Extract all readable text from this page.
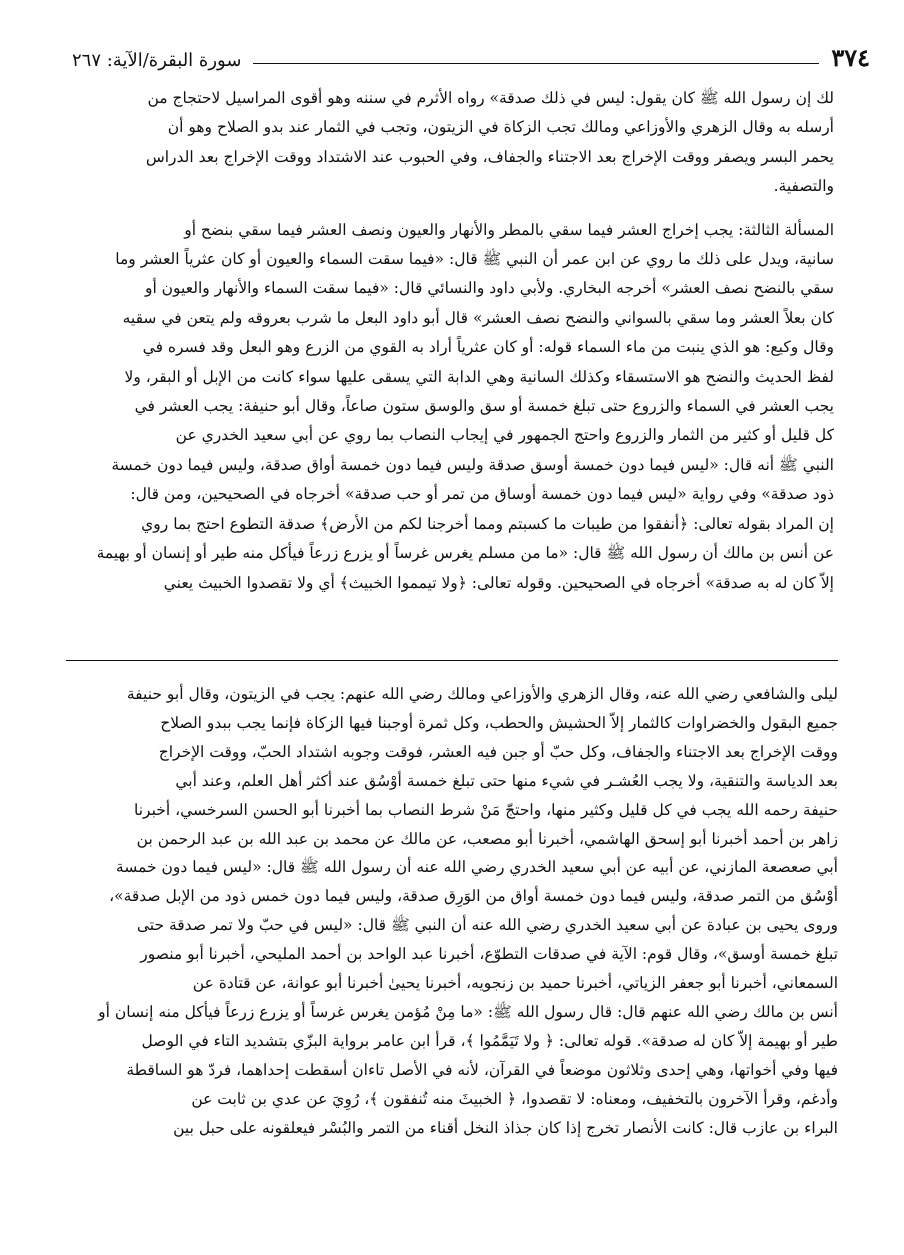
٣٧٤
سورة البقرة/الآية: ٢٦٧

لك إن رسول الله ﷺ كان يقول: ليس في ذلك صدقة» رواه الأثرم في سننه وهو أقوى المراسيل لاحتجاج من
أرسله به وقال الزهري والأوزاعي ومالك تجب الزكاة في الزيتون، وتجب في الثمار عند بدو الصلاح وهو أن
يحمر البسر ويصفر ووقت الإخراج بعد الاجتناء والجفاف، وفي الحبوب عند الاشتداد ووقت الإخراج بعد الدراس
والتصفية.

المسألة الثالثة: يجب إخراج العشر فيما سقي بالمطر والأنهار والعيون ونصف العشر فيما سقي بنضح أو
سانية، ويدل على ذلك ما روي عن ابن عمر أن النبي ﷺ قال: «فيما سقت السماء والعيون أو كان عثرياً العشر وما
سقي بالنضح نصف العشر» أخرجه البخاري. ولأبي داود والنسائي قال: «فيما سقت السماء والأنهار والعيون أو
كان بعلاً العشر وما سقي بالسواني والنضح نصف العشر» قال أبو داود البعل ما شرب بعروقه ولم يتعن في سقيه
وقال وكيع: هو الذي ينبت من ماء السماء قوله: أو كان عثرياً أراد به القوي من الزرع وهو البعل وقد فسره في
لفظ الحديث والنضح هو الاستسقاء وكذلك السانية وهي الدابة التي يسقى عليها سواء كانت من الإبل أو البقر، ولا
يجب العشر في السماء والزروع حتى تبلغ خمسة أو سق والوسق ستون صاعاً، وقال أبو حنيفة: يجب العشر في
كل قليل أو كثير من الثمار والزروع واحتج الجمهور في إيجاب النصاب بما روي عن أبي سعيد الخدري عن
النبي ﷺ أنه قال: «ليس فيما دون خمسة أوسق صدقة وليس فيما دون خمسة أواق صدقة، وليس فيما دون خمسة
ذود صدقة» وفي رواية «ليس فيما دون خمسة أوساق من تمر أو حب صدقة» أخرجاه في الصحيحين، ومن قال:
إن المراد بقوله تعالى: ﴿أنفقوا من طيبات ما كسبتم ومما أخرجنا لكم من الأرض﴾ صدقة التطوع احتج بما روي
عن أنس بن مالك أن رسول الله ﷺ قال: «ما من مسلم يغرس غرساً أو يزرع زرعاً فيأكل منه طير أو إنسان أو بهيمة
إلاّ كان له به صدقة» أخرجاه في الصحيحين. وقوله تعالى: ﴿ولا تيمموا الخبيث﴾ أي ولا تقصدوا الخبيث يعني

ليلى والشافعي رضي الله عنه، وقال الزهري والأوزاعي ومالك رضي الله عنهم: يجب في الزيتون، وقال أبو حنيفة
جميع البقول والخضراوات كالثمار إلاّ الحشيش والحطب، وكل ثمرة أوجبنا فيها الزكاة فإنما يجب ببدو الصلاح
ووقت الإخراج بعد الاجتناء والجفاف، وكل حبّ أو جبن فيه العشر، فوقت وجوبه اشتداد الحبّ، ووقت الإخراج
بعد الدياسة والتنقية، ولا يجب العُشـر في شيء منها حتى تبلغ خمسة أوْسُق عند أكثر أهل العلم، وعند أبي
حنيفة رحمه الله يجب في كل قليل وكثير منها، واحتجّ مَنْ شرط النصاب بما أخبرنا أبو الحسن السرخسي، أخبرنا
زاهر بن أحمد أخبرنا أبو إسحق الهاشمي، أخبرنا أبو مصعب، عن مالك عن محمد بن عبد الله بن عبد الرحمن بن
أبي صعصعة المازني، عن أبيه عن أبي سعيد الخدري رضي الله عنه أن رسول الله ﷺ قال: «ليس فيما دون خمسة
أوْسُق من التمر صدقة، وليس فيما دون خمسة أواق من الوَرِق صدقة، وليس فيما دون خمس ذود من الإبل صدقة»،
وروى يحيى بن عبادة عن أبي سعيد الخدري رضي الله عنه أن النبي ﷺ قال: «ليس في حبّ ولا تمر صدقة حتى
تبلغ خمسة أوسق»، وقال قوم: الآية في صدقات التطوّع، أخبرنا عبد الواحد بن أحمد المليحي، أخبرنا أبو منصور
السمعاني، أخبرنا أبو جعفر الزياتي، أخبرنا حميد بن زنجويه، أخبرنا يحيىٰ أخبرنا أبو عوانة، عن قتادة عن
أنس بن مالك رضي الله عنهم قال: قال رسول الله ﷺ: «ما مِنْ مُؤمن يغرس غرساً أو يزرع زرعاً فيأكل منه إنسان أو
طير أو بهيمة إلاّ كان له صدقة». قوله تعالى: ﴿ ولا تَيَمَّمُوا ﴾، قرأ ابن عامر برواية البزّي بتشديد التاء في الوصل
فيها وفي أخواتها، وهي إحدى وثلاثون موضعاً في القرآن، لأنه في الأصل تاءان أسقطت إحداهما، فردّ هو الساقطة
وأدغم، وقرأ الآخرون بالتخفيف، ومعناه: لا تقصدوا، ﴿ الخبيثَ منه تُنفقون ﴾، رُوِيَ عن عدي بن ثابت عن
البراء بن عازب قال: كانت الأنصار تخرج إذا كان جذاذ النخل أقناء من التمر والبُسْر فيعلقونه على حبل بين
